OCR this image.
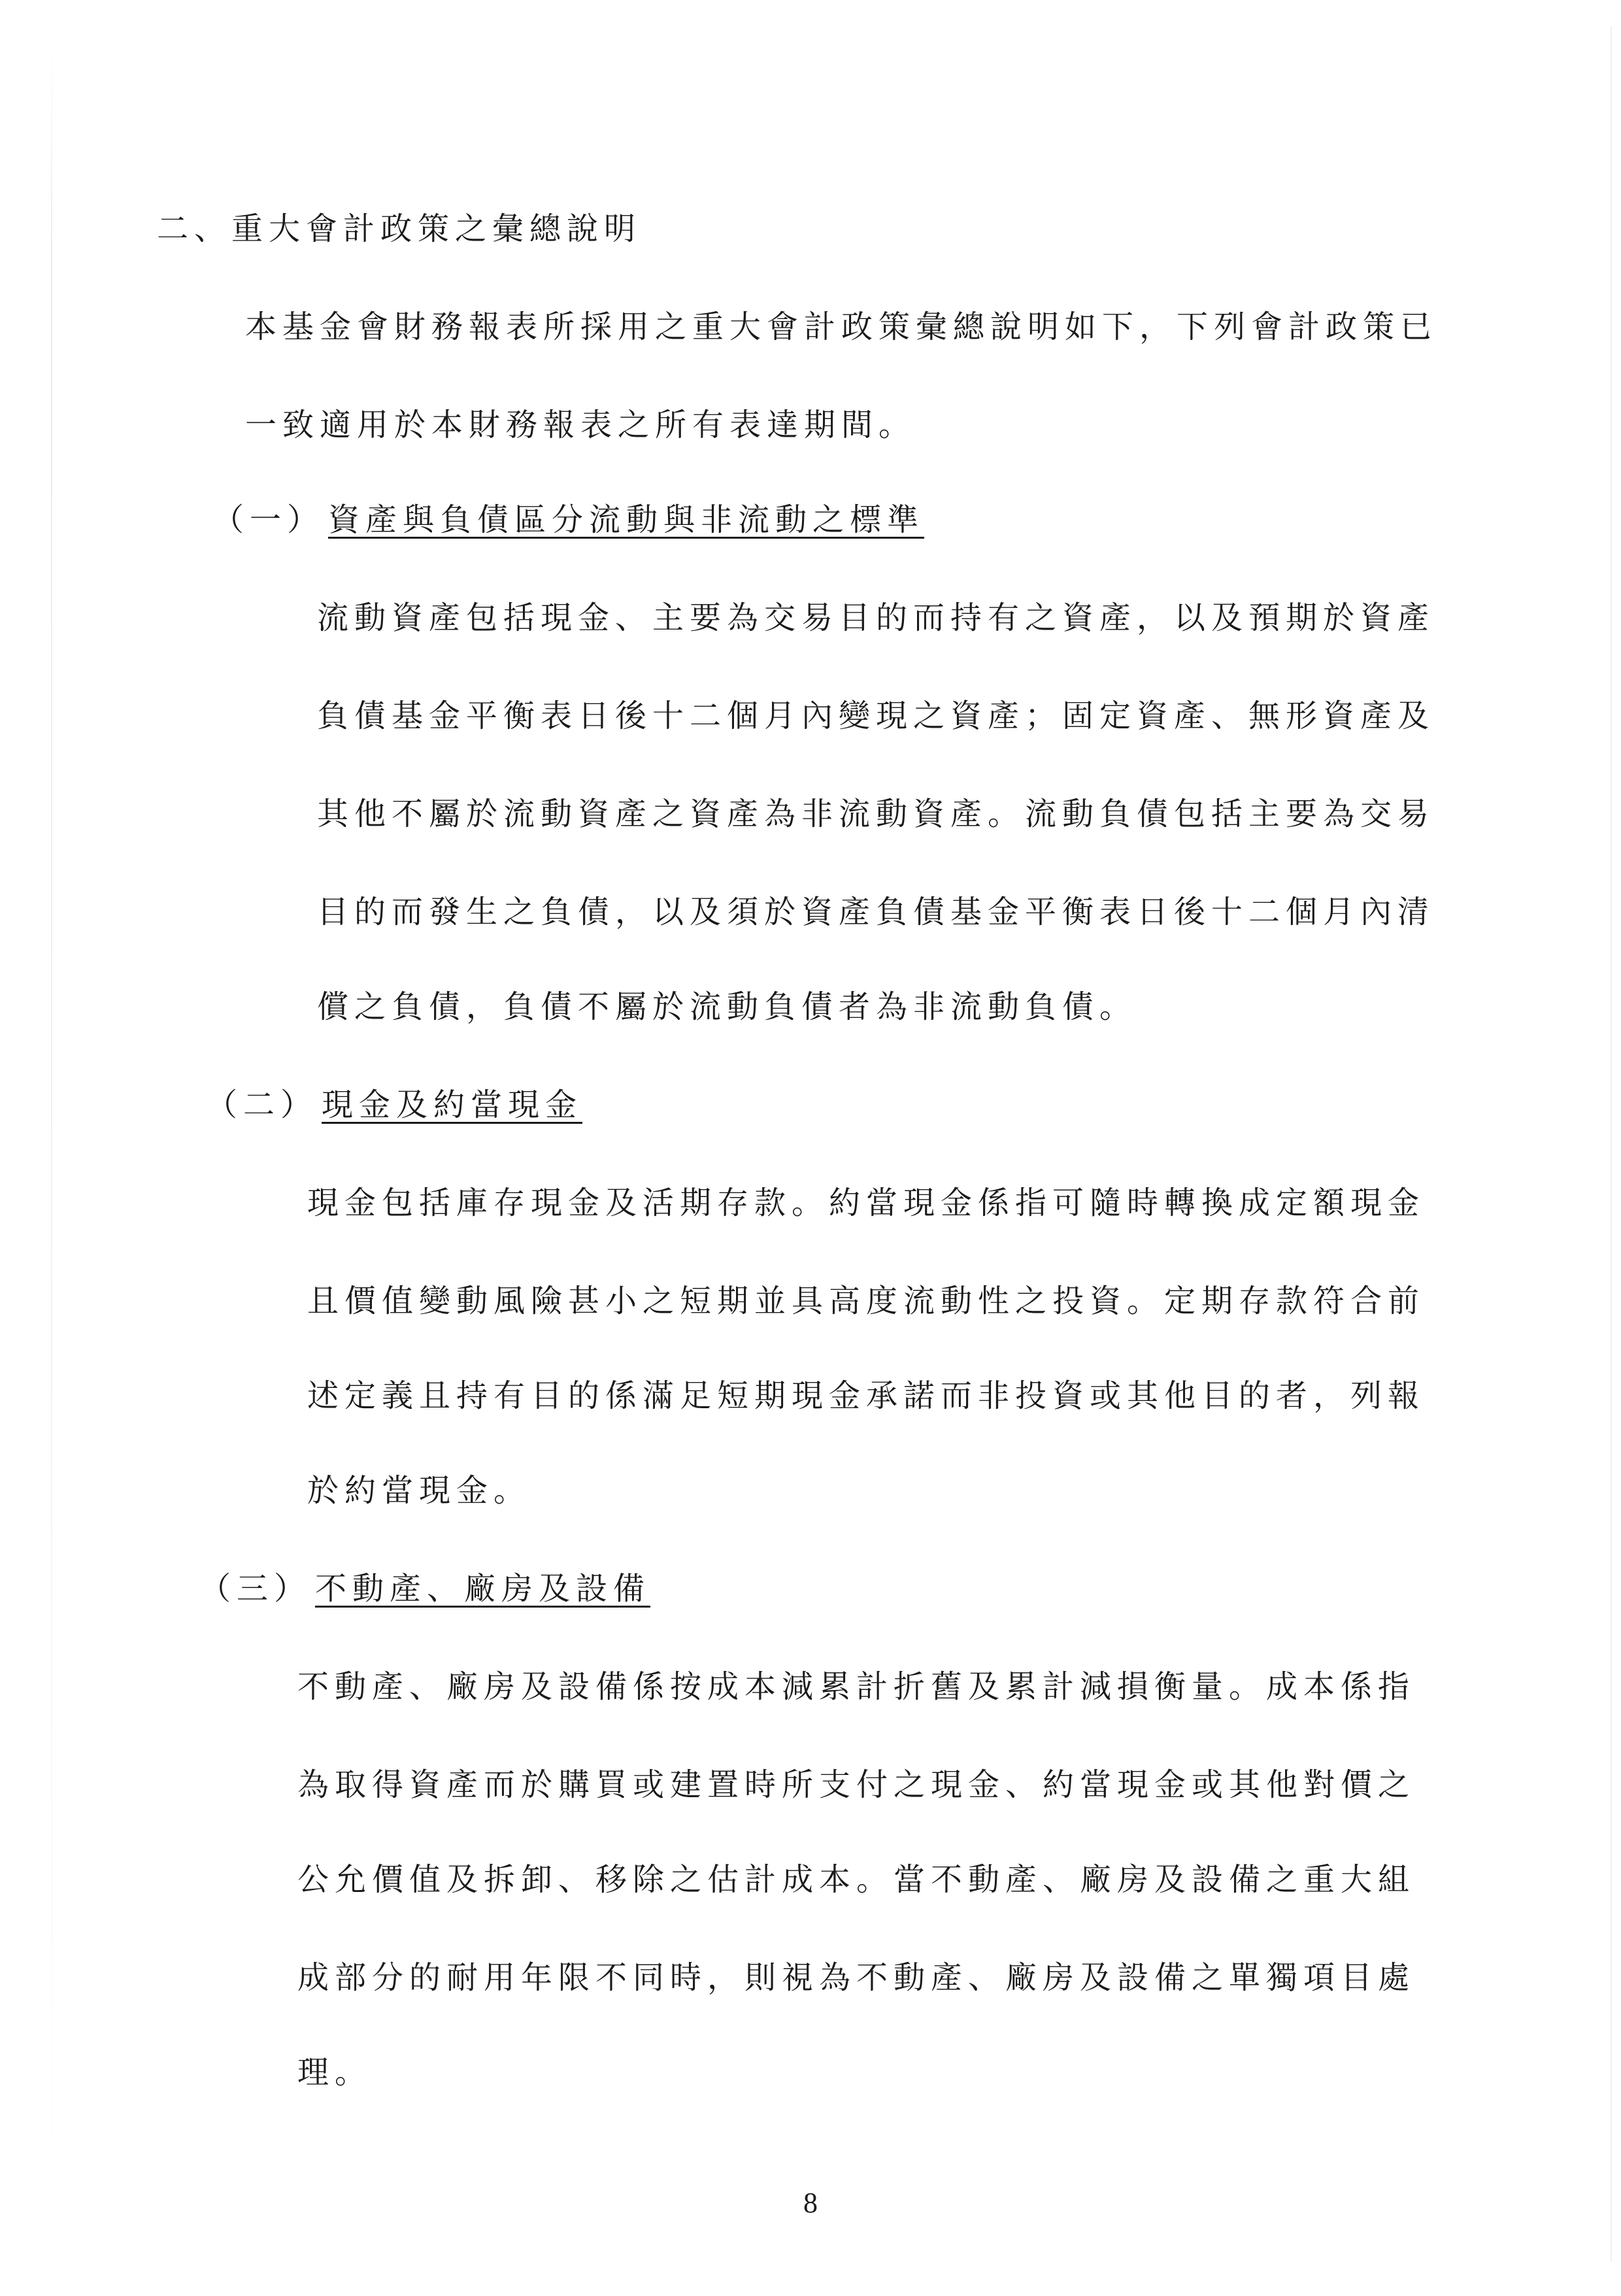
二、重大會計政策之彙總說明
本基金會財務報表所採用之重大會計政策彙總說明如下，下列會計政策已
一致適用於本財務報表之所有表達期間。
（一） 資產與負債區分流動與非流動之標準
流動資產包括現金、主要為交易目的而持有之資產，以及預期於資產
負債基金平衡表日後十二個月內變現之資產；固定資產、無形資產及
其他不屬於流動資產之資產為非流動資產。流動負債包括主要為交易
目的而發生之負債，以及須於資產負債基金平衡表日後十二個月內清
償之負債，負債不屬於流動負債者為非流動負債。
（二） 現金及約當現金
現金包括庫存現金及活期存款。約當現金係指可隨時轉換成定額現金
且價值變動風險甚小之短期並具高度流動性之投資。定期存款符合前
述定義且持有目的係滿足短期現金承諾而非投資或其他目的者，列報
於約當現金。
（三） 不動產、廠房及設備
不動產、廠房及設備係按成本減累計折舊及累計減損衡量。成本係指
為取得資產而於購買或建置時所支付之現金、約當現金或其他對價之
公允價值及拆卸、移除之估計成本。當不動產、廠房及設備之重大組
成部分的耐用年限不同時，則視為不動產、廠房及設備之單獨項目處
理。
8
